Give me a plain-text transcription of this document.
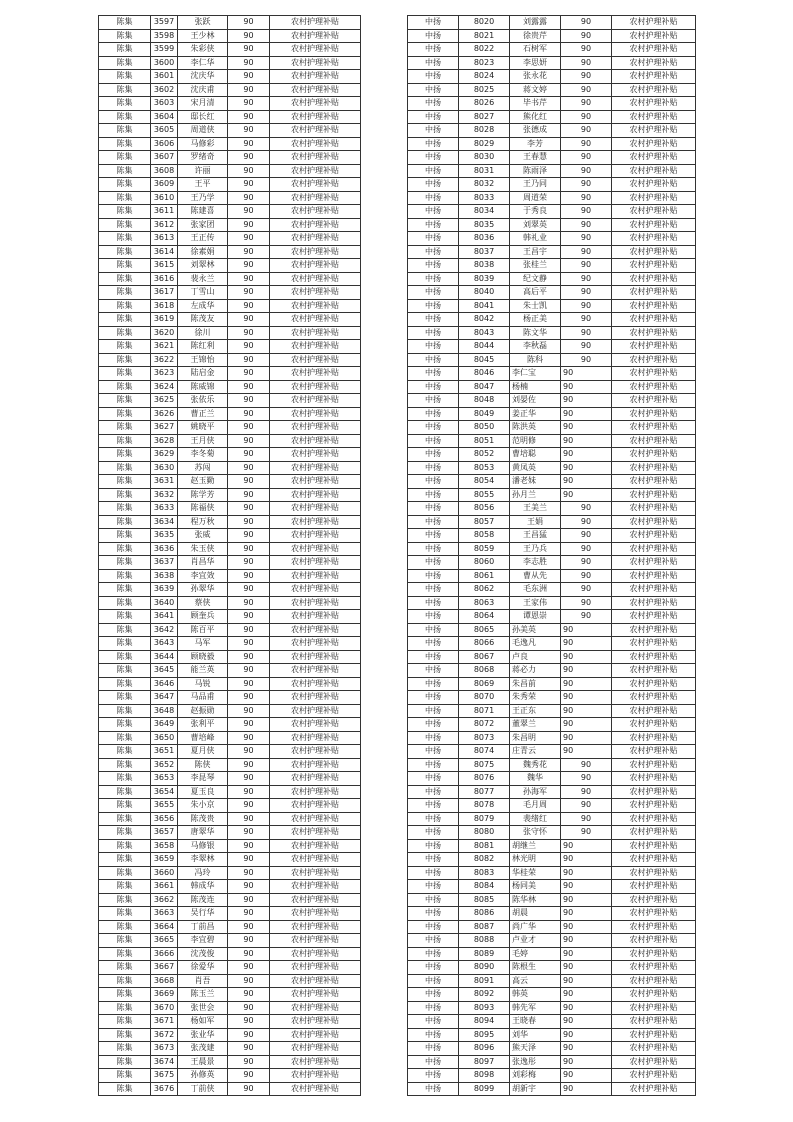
陈集	3597	张跃	90	农村护理补贴
陈集	3598	王少林	90	农村护理补贴
陈集	3599	朱彩侠	90	农村护理补贴
陈集	3600	李仁华	90	农村护理补贴
陈集	3601	沈庆华	90	农村护理补贴
陈集	3602	沈庆甫	90	农村护理补贴
陈集	3603	宋月清	90	农村护理补贴
陈集	3604	邸长红	90	农村护理补贴
陈集	3605	周道侠	90	农村护理补贴
陈集	3606	马修彩	90	农村护理补贴
陈集	3607	罗绪奇	90	农村护理补贴
陈集	3608	许丽	90	农村护理补贴
陈集	3609	王平	90	农村护理补贴
陈集	3610	王乃学	90	农村护理补贴
陈集	3611	陈建喜	90	农村护理补贴
陈集	3612	张家团	90	农村护理补贴
陈集	3613	王正传	90	农村护理补贴
陈集	3614	徐素娟	90	农村护理补贴
陈集	3615	刘翠林	90	农村护理补贴
陈集	3616	裴永兰	90	农村护理补贴
陈集	3617	丁雪山	90	农村护理补贴
陈集	3618	左成华	90	农村护理补贴
陈集	3619	陈茂友	90	农村护理补贴
陈集	3620	徐川	90	农村护理补贴
陈集	3621	陈红利	90	农村护理补贴
陈集	3622	王锦怡	90	农村护理补贴
陈集	3623	陆启金	90	农村护理补贴
陈集	3624	陈威锦	90	农村护理补贴
陈集	3625	张依乐	90	农村护理补贴
陈集	3626	曹正兰	90	农村护理补贴
陈集	3627	姚晓平	90	农村护理补贴
陈集	3628	王月侠	90	农村护理补贴
陈集	3629	李冬菊	90	农村护理补贴
陈集	3630	苏闯	90	农村护理补贴
陈集	3631	赵玉勤	90	农村护理补贴
陈集	3632	陈学芳	90	农村护理补贴
陈集	3633	陈福侠	90	农村护理补贴
陈集	3634	程万秋	90	农村护理补贴
陈集	3635	张威	90	农村护理补贴
陈集	3636	朱玉侠	90	农村护理补贴
陈集	3637	肖昌华	90	农村护理补贴
陈集	3638	李宜效	90	农村护理补贴
陈集	3639	孙翠华	90	农村护理补贴
陈集	3640	蔡侠	90	农村护理补贴
陈集	3641	顾奎兵	90	农村护理补贴
陈集	3642	陈百平	90	农村护理补贴
陈集	3643	马军	90	农村护理补贴
陈集	3644	顾晓毅	90	农村护理补贴
陈集	3645	能兰英	90	农村护理补贴
陈集	3646	马锐	90	农村护理补贴
陈集	3647	马品甫	90	农村护理补贴
陈集	3648	赵振勋	90	农村护理补贴
陈集	3649	张利平	90	农村护理补贴
陈集	3650	曹培峰	90	农村护理补贴
陈集	3651	夏月侠	90	农村护理补贴
陈集	3652	陈侠	90	农村护理补贴
陈集	3653	李昆琴	90	农村护理补贴
陈集	3654	夏玉良	90	农村护理补贴
陈集	3655	朱小京	90	农村护理补贴
陈集	3656	陈茂贵	90	农村护理补贴
陈集	3657	唐翠华	90	农村护理补贴
陈集	3658	马修银	90	农村护理补贴
陈集	3659	李翠林	90	农村护理补贴
陈集	3660	冯玲	90	农村护理补贴
陈集	3661	韩成华	90	农村护理补贴
陈集	3662	陈茂连	90	农村护理补贴
陈集	3663	吴行华	90	农村护理补贴
陈集	3664	丁前昌	90	农村护理补贴
陈集	3665	李宜碧	90	农村护理补贴
陈集	3666	沈茂俊	90	农村护理补贴
陈集	3667	徐爱华	90	农村护理补贴
陈集	3668	肖吾	90	农村护理补贴
陈集	3669	陈玉兰	90	农村护理补贴
陈集	3670	张世会	90	农村护理补贴
陈集	3671	杨如军	90	农村护理补贴
陈集	3672	张业华	90	农村护理补贴
陈集	3673	张茂建	90	农村护理补贴
陈集	3674	王晨景	90	农村护理补贴
陈集	3675	孙修英	90	农村护理补贴
陈集	3676	丁前侠	90	农村护理补贴
中扬	8020	刘露露	90	农村护理补贴
中扬	8021	徐贵芹	90	农村护理补贴
中扬	8022	石树军	90	农村护理补贴
中扬	8023	李思妍	90	农村护理补贴
中扬	8024	张永花	90	农村护理补贴
中扬	8025	蒋文婷	90	农村护理补贴
中扬	8026	毕书芹	90	农村护理补贴
中扬	8027	熊化红	90	农村护理补贴
中扬	8028	张德成	90	农村护理补贴
中扬	8029	李芳	90	农村护理补贴
中扬	8030	王春慧	90	农村护理补贴
中扬	8031	陈雨泽	90	农村护理补贴
中扬	8032	王乃同	90	农村护理补贴
中扬	8033	周道荣	90	农村护理补贴
中扬	8034	于秀良	90	农村护理补贴
中扬	8035	刘翠英	90	农村护理补贴
中扬	8036	韩礼业	90	农村护理补贴
中扬	8037	王昌宇	90	农村护理补贴
中扬	8038	张桂兰	90	农村护理补贴
中扬	8039	纪文静	90	农村护理补贴
中扬	8040	高后平	90	农村护理补贴
中扬	8041	朱士凯	90	农村护理补贴
中扬	8042	杨正美	90	农村护理补贴
中扬	8043	陈文华	90	农村护理补贴
中扬	8044	李秋磊	90	农村护理补贴
中扬	8045	陈科	90	农村护理补贴
中扬	8046	李仁宝	90	农村护理补贴
中扬	8047	杨楠	90	农村护理补贴
中扬	8048	刘晏佐	90	农村护理补贴
中扬	8049	姜正华	90	农村护理补贴
中扬	8050	陈洪英	90	农村护理补贴
中扬	8051	范明修	90	农村护理补贴
中扬	8052	曹培聪	90	农村护理补贴
中扬	8053	黄凤英	90	农村护理补贴
中扬	8054	潘老妹	90	农村护理补贴
中扬	8055	孙月兰	90	农村护理补贴
中扬	8056	王美兰	90	农村护理补贴
中扬	8057	王娟	90	农村护理补贴
中扬	8058	王昌猛	90	农村护理补贴
中扬	8059	王乃兵	90	农村护理补贴
中扬	8060	李志胜	90	农村护理补贴
中扬	8061	曹从先	90	农村护理补贴
中扬	8062	毛东洲	90	农村护理补贴
中扬	8063	王家伟	90	农村护理补贴
中扬	8064	谭恩崇	90	农村护理补贴
中扬	8065	孙美英	90	农村护理补贴
中扬	8066	毛逸凡	90	农村护理补贴
中扬	8067	卢良	90	农村护理补贴
中扬	8068	蒋必力	90	农村护理补贴
中扬	8069	朱昌前	90	农村护理补贴
中扬	8070	朱秀荣	90	农村护理补贴
中扬	8071	王正东	90	农村护理补贴
中扬	8072	董翠兰	90	农村护理补贴
中扬	8073	朱昌明	90	农村护理补贴
中扬	8074	庄青云	90	农村护理补贴
中扬	8075	魏秀花	90	农村护理补贴
中扬	8076	魏华	90	农村护理补贴
中扬	8077	孙海军	90	农村护理补贴
中扬	8078	毛月周	90	农村护理补贴
中扬	8079	裴绪红	90	农村护理补贴
中扬	8080	张守怀	90	农村护理补贴
中扬	8081	胡继兰	90	农村护理补贴
中扬	8082	林光明	90	农村护理补贴
中扬	8083	华桂荣	90	农村护理补贴
中扬	8084	杨同美	90	农村护理补贴
中扬	8085	陈华林	90	农村护理补贴
中扬	8086	胡晨	90	农村护理补贴
中扬	8087	尚广华	90	农村护理补贴
中扬	8088	卢业才	90	农村护理补贴
中扬	8089	毛婷	90	农村护理补贴
中扬	8090	陈根生	90	农村护理补贴
中扬	8091	高云	90	农村护理补贴
中扬	8092	韩英	90	农村护理补贴
中扬	8093	韩先军	90	农村护理补贴
中扬	8094	王晓春	90	农村护理补贴
中扬	8095	刘华	90	农村护理补贴
中扬	8096	熊天泽	90	农村护理补贴
中扬	8097	张逸彤	90	农村护理补贴
中扬	8098	刘彩梅	90	农村护理补贴
中扬	8099	胡新宇	90	农村护理补贴
